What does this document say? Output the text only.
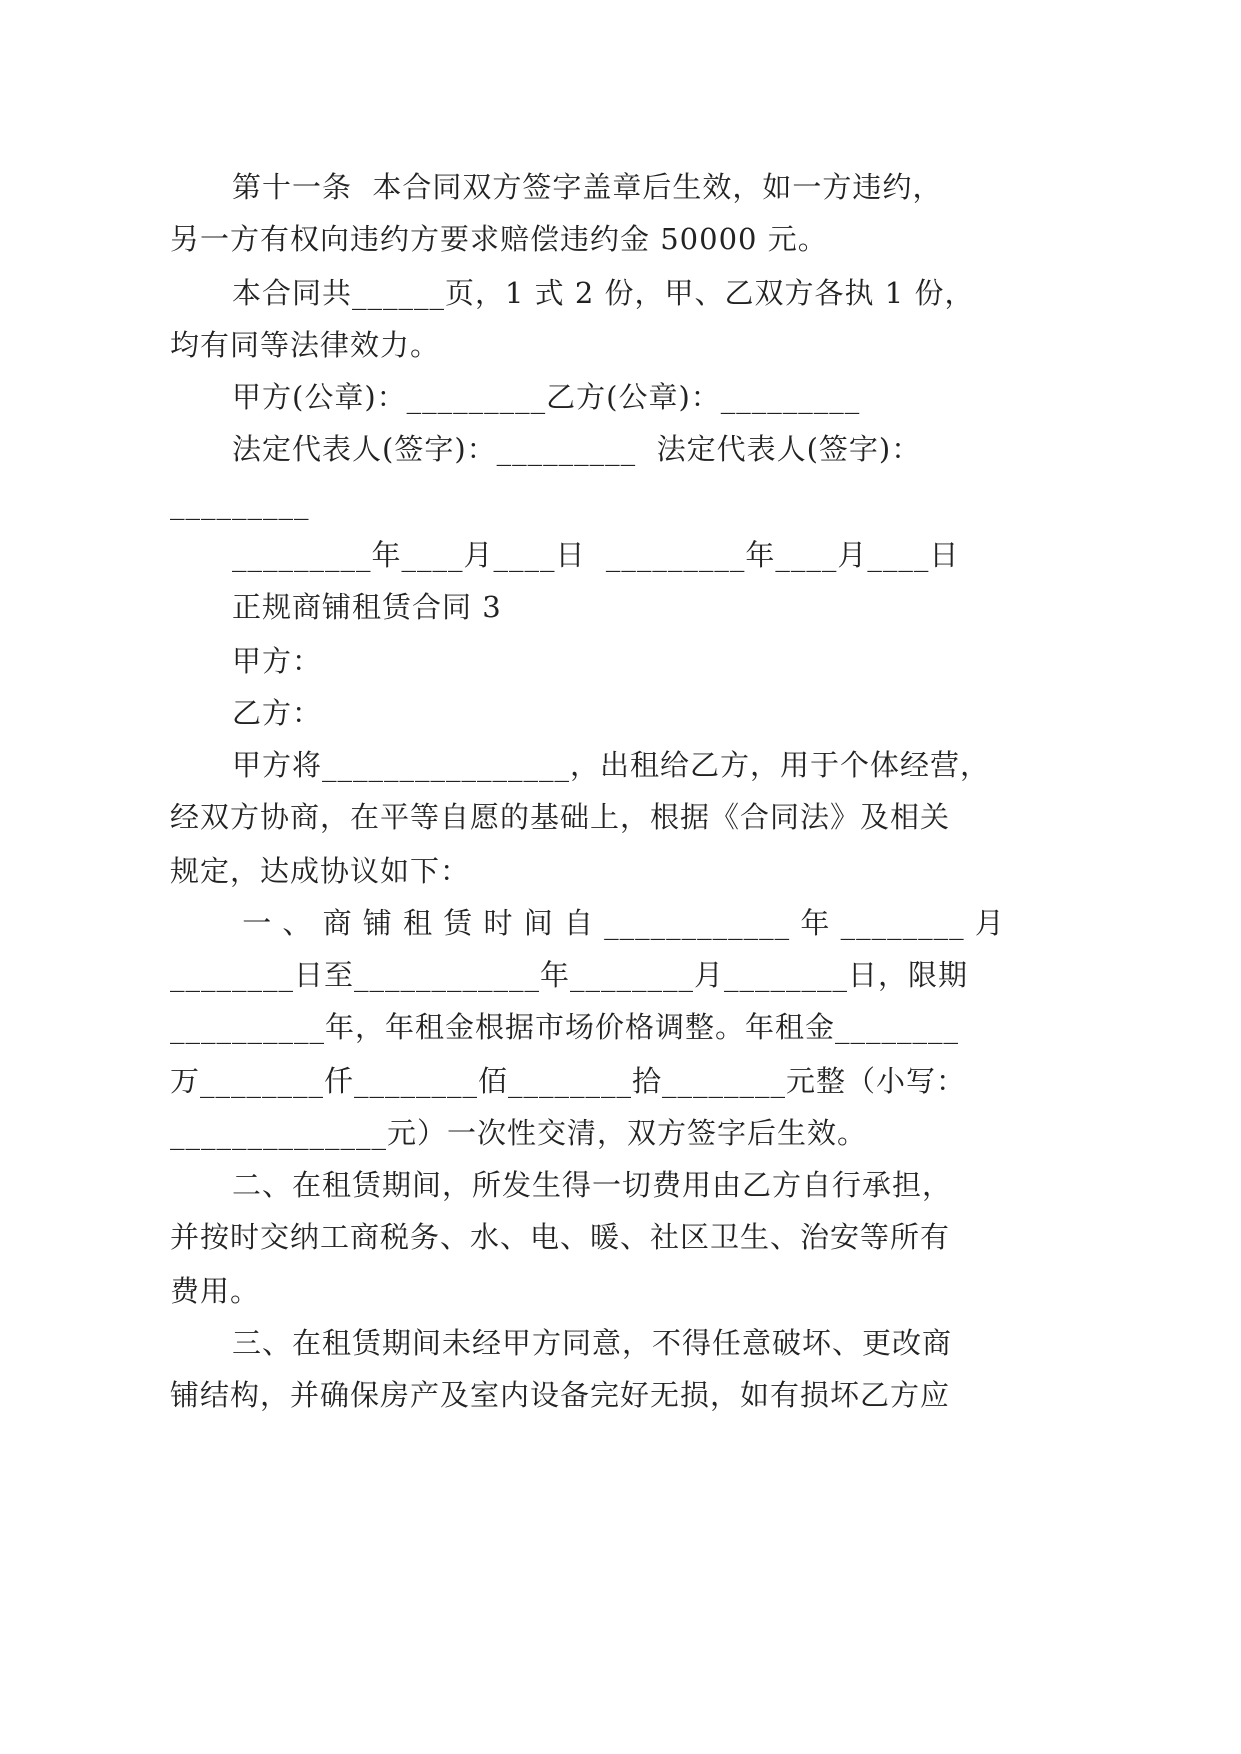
第十一条  本合同双方签字盖章后生效，如一方违约，
另一方有权向违约方要求赔偿违约金 50000 元。
本合同共______页，1 式 2 份，甲、乙双方各执 1 份，
均有同等法律效力。
甲方(公章)：_________乙方(公章)：_________
法定代表人(签字)：_________  法定代表人(签字)：
_________
_________年____月____日  _________年____月____日
正规商铺租赁合同 3
甲方：
乙方：
甲方将________________，出租给乙方，用于个体经营，
经双方协商，在平等自愿的基础上，根据《合同法》及相关
规定，达成协议如下：
一 、 商 铺 租 赁 时 间 自 ____________ 年 ________ 月
________日至____________年________月________日，限期
__________年，年租金根据市场价格调整。年租金________
万________仟________佰________拾________元整（小写：
______________元）一次性交清，双方签字后生效。
二、在租赁期间，所发生得一切费用由乙方自行承担，
并按时交纳工商税务、水、电、暖、社区卫生、治安等所有
费用。
三、在租赁期间未经甲方同意，不得任意破坏、更改商
铺结构，并确保房产及室内设备完好无损，如有损坏乙方应
